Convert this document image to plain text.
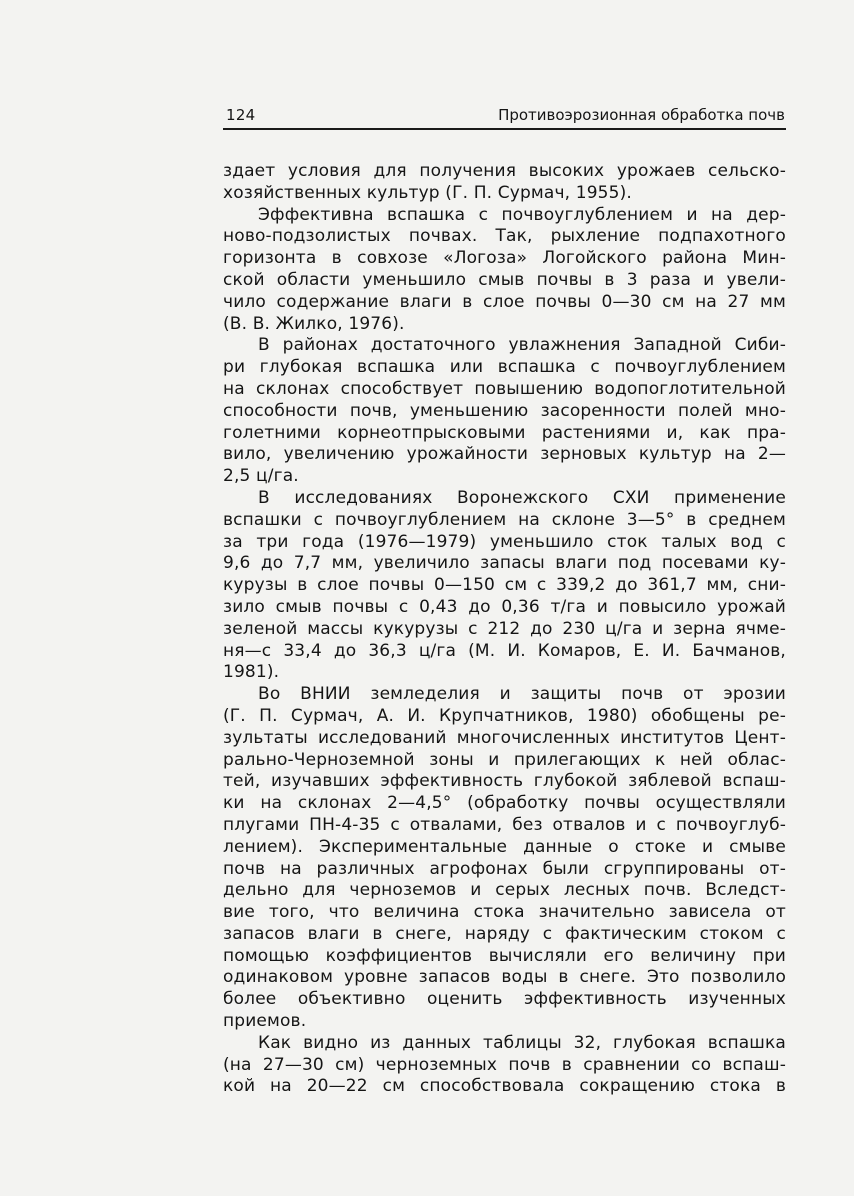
124	Противоэрозионная обработка почв
здает условия для получения высоких урожаев сельско-
хозяйственных культур (Г. П. Сурмач, 1955).
Эффективна вспашка с почвоуглублением и на дер-
ново-подзолистых почвах. Так, рыхление подпахотного
горизонта в совхозе «Логоза» Логойского района Мин-
ской области уменьшило смыв почвы в 3 раза и увели-
чило содержание влаги в слое почвы 0—30 см на 27 мм
(В. В. Жилко, 1976).
В районах достаточного увлажнения Западной Сиби-
ри глубокая вспашка или вспашка с почвоуглублением
на склонах способствует повышению водопоглотительной
способности почв, уменьшению засоренности полей мно-
голетними корнеотпрысковыми растениями и, как пра-
вило, увеличению урожайности зерновых культур на 2—
2,5 ц/га.
В исследованиях Воронежского СХИ применение
вспашки с почвоуглублением на склоне 3—5° в среднем
за три года (1976—1979) уменьшило сток талых вод с
9,6 до 7,7 мм, увеличило запасы влаги под посевами ку-
курузы в слое почвы 0—150 см с 339,2 до 361,7 мм, сни-
зило смыв почвы с 0,43 до 0,36 т/га и повысило урожай
зеленой массы кукурузы с 212 до 230 ц/га и зерна ячме-
ня—с 33,4 до 36,3 ц/га (М. И. Комаров, Е. И. Бачманов,
1981).
Во ВНИИ земледелия и защиты почв от эрозии
(Г. П. Сурмач, А. И. Крупчатников, 1980) обобщены ре-
зультаты исследований многочисленных институтов Цент-
рально-Черноземной зоны и прилегающих к ней облас-
тей, изучавших эффективность глубокой зяблевой вспаш-
ки на склонах 2—4,5° (обработку почвы осуществляли
плугами ПН-4-35 с отвалами, без отвалов и с почвоуглуб-
лением). Экспериментальные данные о стоке и смыве
почв на различных агрофонах были сгруппированы от-
дельно для черноземов и серых лесных почв. Вследст-
вие того, что величина стока значительно зависела от
запасов влаги в снеге, наряду с фактическим стоком с
помощью коэффициентов вычисляли его величину при
одинаковом уровне запасов воды в снеге. Это позволило
более объективно оценить эффективность изученных
приемов.
Как видно из данных таблицы 32, глубокая вспашка
(на 27—30 см) черноземных почв в сравнении со вспаш-
кой на 20—22 см способствовала сокращению стока в
